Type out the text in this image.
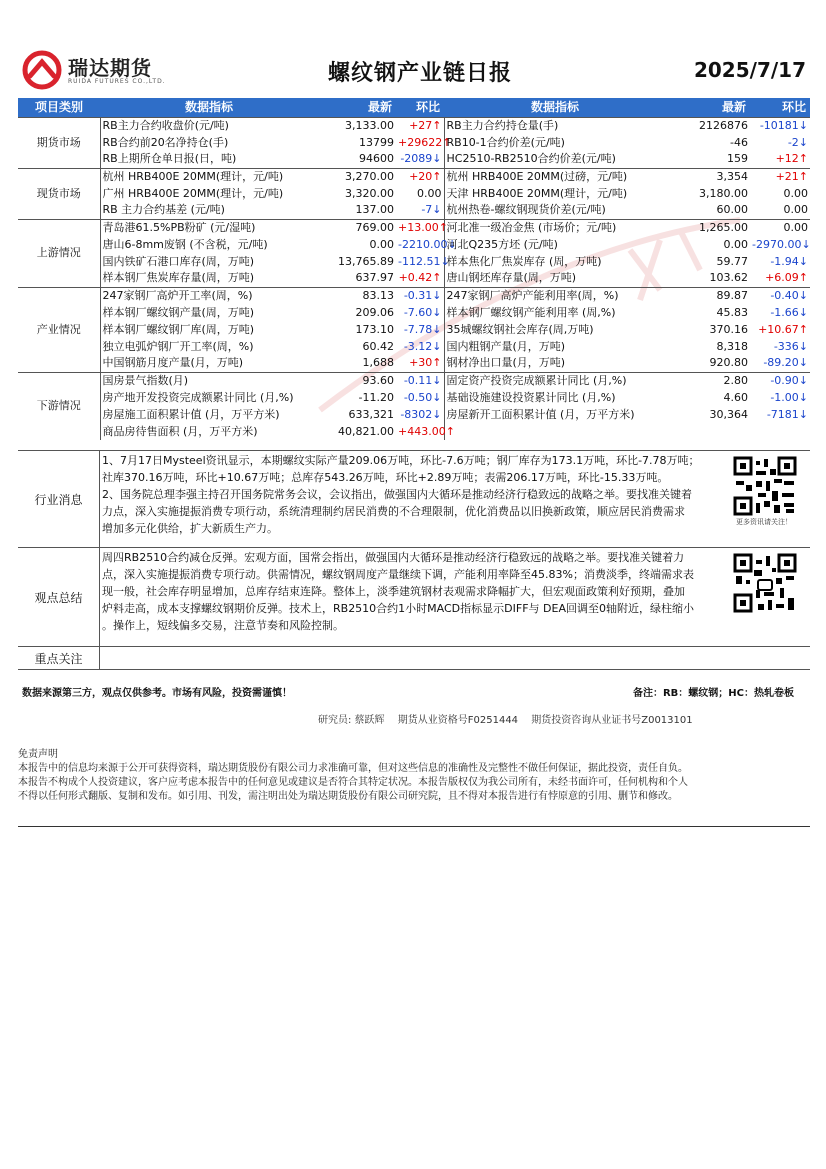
瑞达期货
RUIDA FUTURES CO.,LTD.	螺纹钢产业链日报	2025/7/17
项目类别	数据指标	最新	环比	数据指标	最新	环比
期货市场	RB主力合约收盘价(元/吨)	3,133.00	+27↑	RB主力合约持仓量(手)	2126876	-10181↓
	RB合约前20名净持仓(手)	13799	+29622↑	RB10-1合约价差(元/吨)	-46	-2↓
	RB上期所仓单日报(日，吨)	94600	-2089↓	HC2510-RB2510合约价差(元/吨)	159	+12↑
现货市场	杭州 HRB400E 20MM(理计，元/吨)	3,270.00	+20↑	杭州 HRB400E 20MM(过磅，元/吨)	3,354	+21↑
	广州 HRB400E 20MM(理计，元/吨)	3,320.00	0.00	天津 HRB400E 20MM(理计，元/吨)	3,180.00	0.00
	RB 主力合约基差 (元/吨)	137.00	-7↓	杭州热卷-螺纹钢现货价差(元/吨)	60.00	0.00
上游情况	青岛港61.5%PB粉矿 (元/湿吨)	769.00	+13.00↑	河北准一级冶金焦 (市场价；元/吨)	1,265.00	0.00
	唐山6-8mm废钢 (不含税，元/吨)	0.00	-2210.00↓	河北Q235方坯 (元/吨)	0.00	-2970.00↓
	国内铁矿石港口库存(周，万吨)	13,765.89	-112.51↓	样本焦化厂焦炭库存 (周，万吨)	59.77	-1.94↓
	样本钢厂焦炭库存量(周，万吨)	637.97	+0.42↑	唐山钢坯库存量(周，万吨)	103.62	+6.09↑
产业情况	247家钢厂高炉开工率(周，%)	83.13	-0.31↓	247家钢厂高炉产能利用率(周，%)	89.87	-0.40↓
	样本钢厂螺纹钢产量(周，万吨)	209.06	-7.60↓	样本钢厂螺纹钢产能利用率 (周,%)	45.83	-1.66↓
	样本钢厂螺纹钢厂库(周，万吨)	173.10	-7.78↓	35城螺纹钢社会库存(周,万吨)	370.16	+10.67↑
	独立电弧炉钢厂开工率(周，%)	60.42	-3.12↓	国内粗钢产量(月，万吨)	8,318	-336↓
	中国钢筋月度产量(月，万吨)	1,688	+30↑	钢材净出口量(月，万吨)	920.80	-89.20↓
下游情况	国房景气指数(月)	93.60	-0.11↓	固定资产投资完成额累计同比 (月,%)	2.80	-0.90↓
	房产地开发投资完成额累计同比 (月,%)	-11.20	-0.50↓	基础设施建设投资累计同比 (月,%)	4.60	-1.00↓
	房屋施工面积累计值 (月，万平方米)	633,321	-8302↓	房屋新开工面积累计值 (月，万平方米)	30,364	-7181↓
	商品房待售面积 (月，万平方米)	40,821.00	+443.00↑			
行业消息
1、7月17日Mysteel资讯显示，本期螺纹实际产量209.06万吨，环比-7.6万吨；钢厂库存为173.1万吨，环比-7.78万吨；
社库370.16万吨，环比+10.67万吨；总库存543.26万吨，环比+2.89万吨；表需206.17万吨，环比-15.33万吨。
2、国务院总理李强主持召开国务院常务会议，会议指出，做强国内大循环是推动经济行稳致远的战略之举。要找准关键着
力点，深入实施提振消费专项行动，系统清理制约居民消费的不合理限制，优化消费品以旧换新政策，顺应居民消费需求
增加多元化供给，扩大新质生产力。	更多资讯请关注！
观点总结
周四RB2510合约减仓反弹。宏观方面，国常会指出，做强国内大循环是推动经济行稳致远的战略之举。要找准关键着力
点，深入实施提振消费专项行动。供需情况，螺纹钢周度产量继续下调，产能利用率降至45.83%；消费淡季，终端需求表
现一般，社会库存明显增加，总库存结束连降。整体上，淡季建筑钢材表观需求降幅扩大，但宏观面政策利好预期，叠加
炉料走高，成本支撑螺纹钢期价反弹。技术上，RB2510合约1小时MACD指标显示DIFF与 DEA回调至0轴附近，绿柱缩小
。操作上，短线偏多交易，注意节奏和风险控制。
重点关注
数据来源第三方，观点仅供参考。市场有风险，投资需谨慎！	备注：RB：螺纹钢；HC：热轧卷板
研究员: 蔡跃辉 期货从业资格号F0251444 期货投资咨询从业证书号Z0013101
免责声明
本报告中的信息均来源于公开可获得资料，瑞达期货股份有限公司力求准确可靠，但对这些信息的准确性及完整性不做任何保证，据此投资，责任自负。
本报告不构成个人投资建议，客户应考虑本报告中的任何意见或建议是否符合其特定状况。本报告版权仅为我公司所有，未经书面许可，任何机构和个人
不得以任何形式翻版、复制和发布。如引用、刊发，需注明出处为瑞达期货股份有限公司研究院，且不得对本报告进行有悖原意的引用、删节和修改。
